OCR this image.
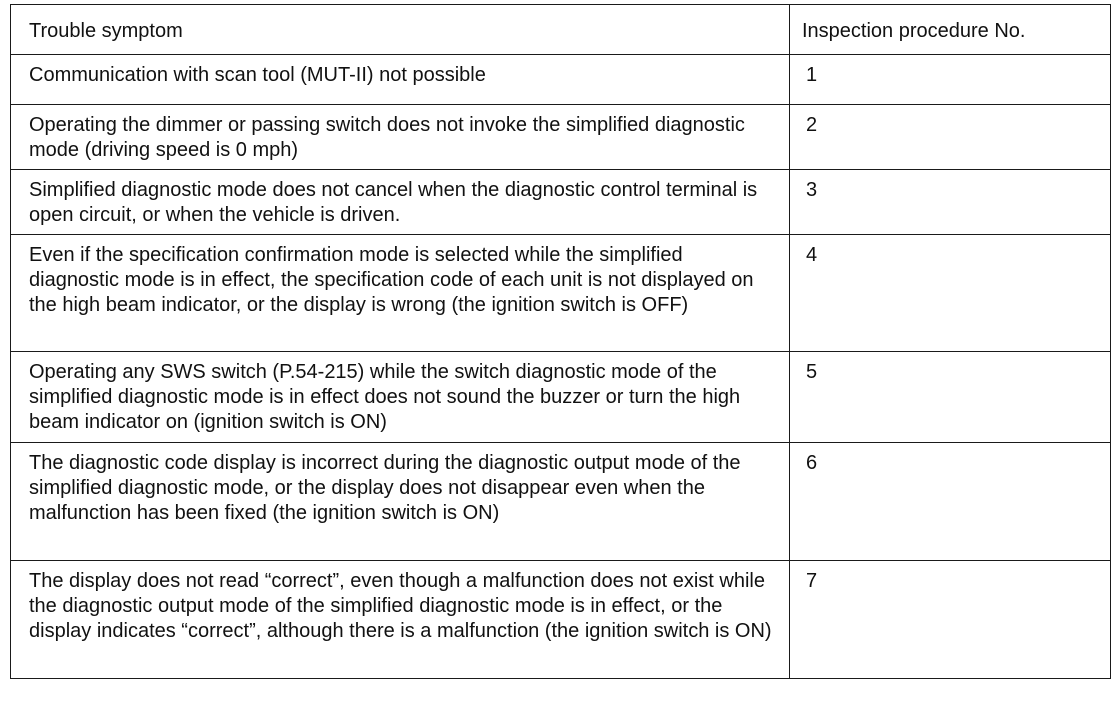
Trouble symptom	Inspection procedure No.
Communication with scan tool (MUT-II) not possible	1
Operating the dimmer or passing switch does not invoke the simplified diagnostic mode (driving speed is 0 mph)	2
Simplified diagnostic mode does not cancel when the diagnostic control terminal is open circuit, or when the vehicle is driven.	3
Even if the specification confirmation mode is selected while the simplified diagnostic mode is in effect, the specification code of each unit is not displayed on the high beam indicator, or the display is wrong (the ignition switch is OFF)	4
Operating any SWS switch (P.54-215) while the switch diagnostic mode of the simplified diagnostic mode is in effect does not sound the buzzer or turn the high beam indicator on (ignition switch is ON)	5
The diagnostic code display is incorrect during the diagnostic output mode of the simplified diagnostic mode, or the display does not disappear even when the malfunction has been fixed (the ignition switch is ON)	6
The display does not read “correct”, even though a malfunction does not exist while the diagnostic output mode of the simplified diagnostic mode is in effect, or the display indicates “correct”, although there is a malfunction (the ignition switch is ON)	7
